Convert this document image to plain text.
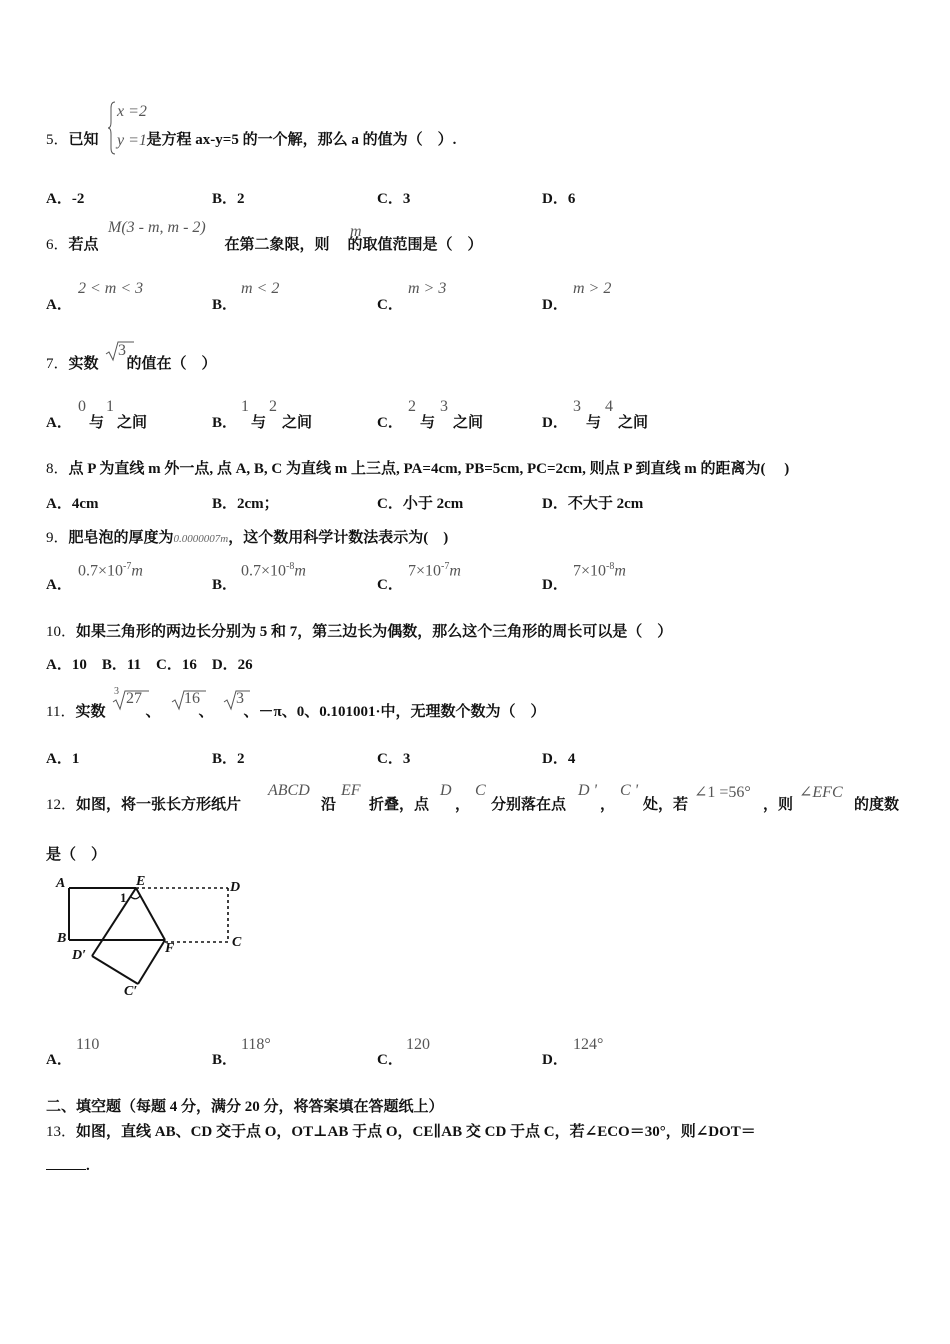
x =2
y =1
5．已知	是方程 ax-y=5 的一个解，那么 a 的值为（　）.
A．-2	B．2	C．3	D．6
6．若点	在第二象限，则 的取值范围是（　）
M(3 - m, m - 2)	m
A．
2 < m < 3
B．
m < 2
C．
m > 3
D．
m > 2
7．实数 的值在（　）
3
A．
0
与
1
之间	B．
1
与
2
之间	C．
2
与
3
之间	D．
3
与
4
之间
8．点 P 为直线 m 外一点, 点 A, B, C 为直线 m 上三点, PA=4cm, PB=5cm, PC=2cm, 则点 P 到直线 m 的距离为(　 )
A．4cm	B．2cm；	C．小于 2cm	D．不大于 2cm
9．肥皂泡的厚度为0.0000007m，这个数用科学计数法表示为(　)
A．
$0.7\times 10^{-7}m$
B．
$0.7\times 10^{-8}m$
C．
$7\times 10^{-7}m$
D．
$7\times 10^{-8}m$
10．如果三角形的两边长分别为 5 和 7，第三边长为偶数，那么这个三角形的周长可以是（　）
A．10　B．11　C．16　D．26
11．实数	、	、 、－π、0、0.101001·中，无理数个数为（　）
3 27	16 3
A．1	B．2	C．3	D．4
12．如图，将一张长方形纸片
ABCD
沿
EF
折叠，点
D
，
C
分别落在点
D '
，
C '
处，若
∠1 =56°
，则
∠EFC
的度数
是（　）
A	E	D
1
B
F	C
D′
C′
A．
110
B．
118°
C．
120
D．
124°
二、填空题（每题 4 分，满分 20 分，将答案填在答题纸上）
13．如图，直线 AB、CD 交于点 O，OT⊥AB 于点 O，CE∥AB 交 CD 于点 C，若∠ECO＝30°，则∠DOT＝
.
